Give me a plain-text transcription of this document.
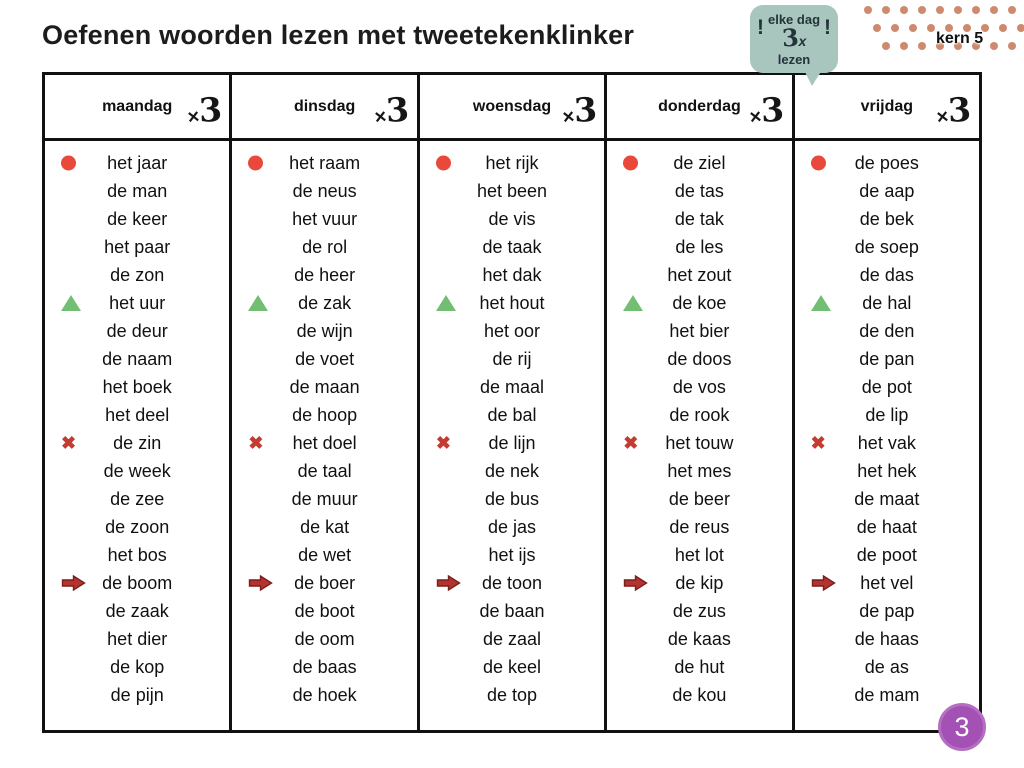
Oefenen woorden lezen met tweetekenklinker	!	!
elke dag
3x
lezen
kern 5
maandag ×3
het jaar
de man
de keer
het paar
de zon
het uur
de deur
de naam
het boek
het deel
✖ de zin
de week
de zee
de zoon
het bos
de boom
de zaak
het dier
de kop
de pijn
dinsdag ×3
het raam
de neus
het vuur
de rol
de heer
de zak
de wijn
de voet
de maan
de hoop
✖ het doel
de taal
de muur
de kat
de wet
de boer
de boot
de oom
de baas
de hoek
woensdag ×3
het rijk
het been
de vis
de taak
het dak
het hout
het oor
de rij
de maal
de bal
✖ de lijn
de nek
de bus
de jas
het ijs
de toon
de baan
de zaal
de keel
de top
donderdag ×3
de ziel
de tas
de tak
de les
het zout
de koe
het bier
de doos
de vos
de rook
✖ het touw
het mes
de beer
de reus
het lot
de kip
de zus
de kaas
de hut
de kou
vrijdag ×3
de poes
de aap
de bek
de soep
de das
de hal
de den
de pan
de pot
de lip
✖ het vak
het hek
de maat
de haat
de poot
het vel
de pap
de haas
de as
de mam
3
